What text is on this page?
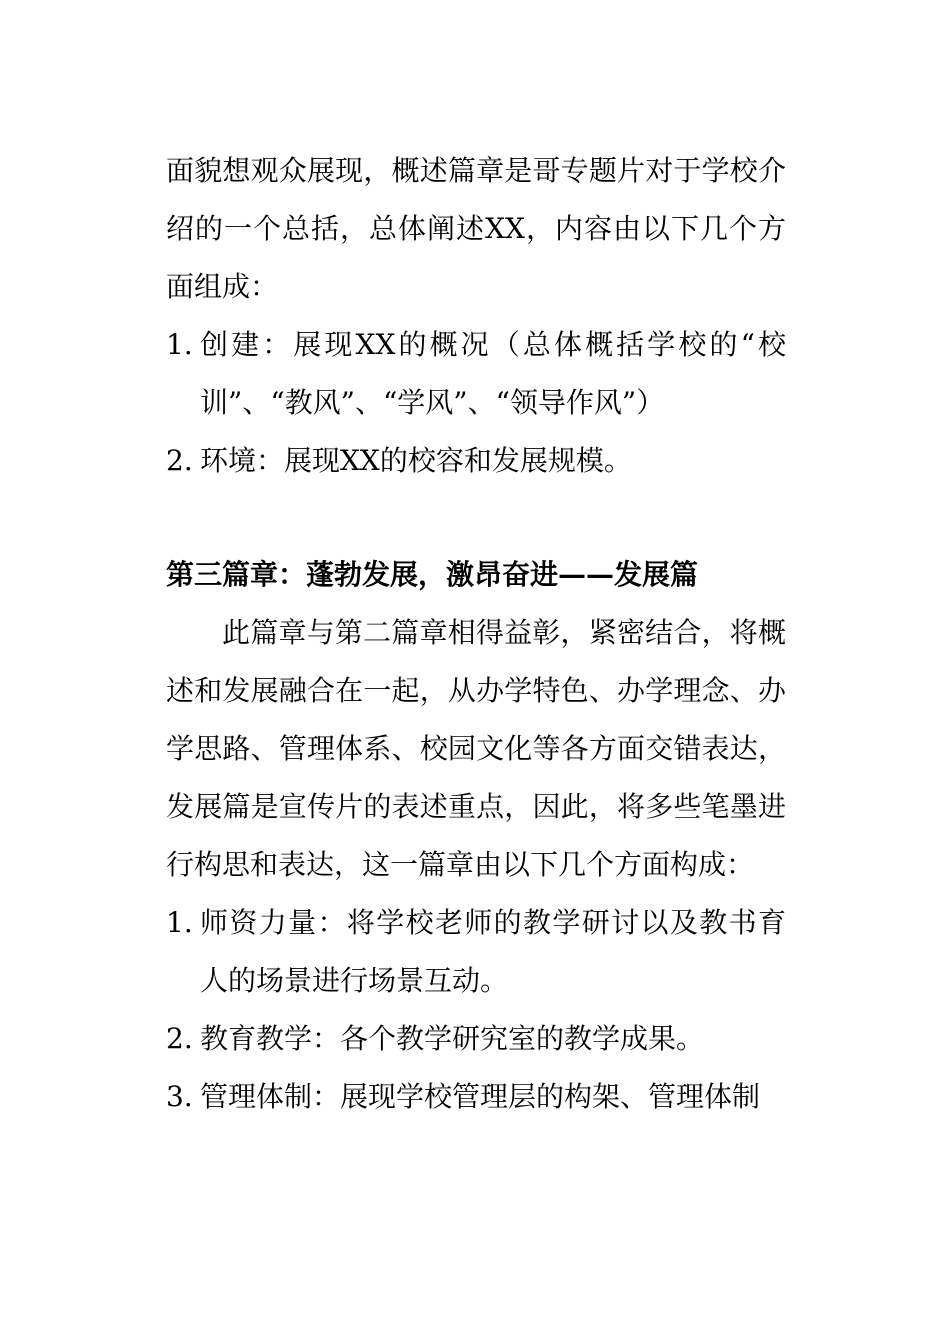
面貌想观众展现，概述篇章是哥专题片对于学校介绍的一个总括，总体阐述XX，内容由以下几个方面组成：
1. 创建：展现XX的概况（总体概括学校的“校训”、“教风”、“学风”、“领导作风”）
2. 环境：展现XX的校容和发展规模。
第三篇章：蓬勃发展，激昂奋进——发展篇
此篇章与第二篇章相得益彰，紧密结合，将概述和发展融合在一起，从办学特色、办学理念、办学思路、管理体系、校园文化等各方面交错表达，发展篇是宣传片的表述重点，因此，将多些笔墨进行构思和表达，这一篇章由以下几个方面构成：
1. 师资力量：将学校老师的教学研讨以及教书育人的场景进行场景互动。
2. 教育教学：各个教学研究室的教学成果。
3. 管理体制：展现学校管理层的构架、管理体制
